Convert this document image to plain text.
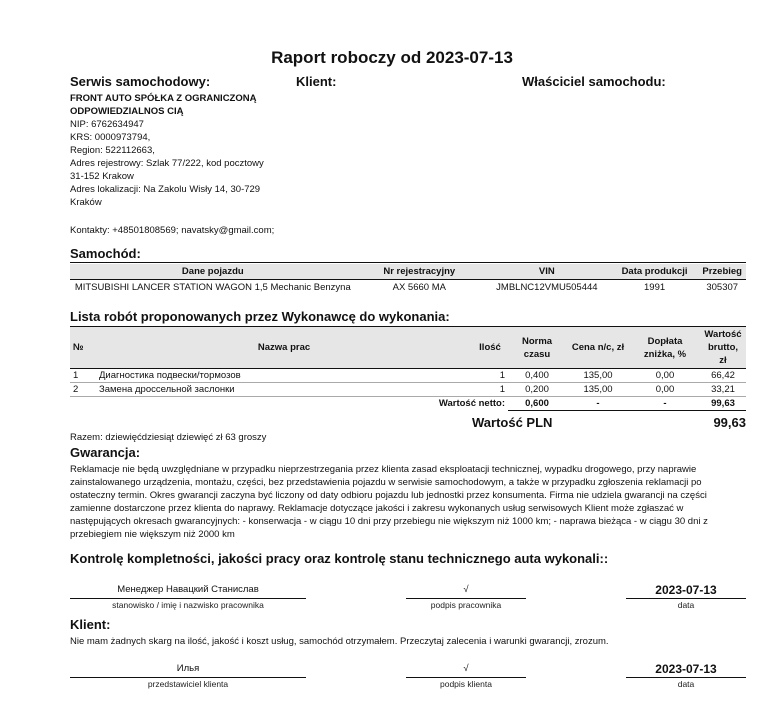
Raport roboczy od 2023-07-13
Serwis samochodowy:	Klient:	Właściciel samochodu:
FRONT AUTO SPÓŁKA Z OGRANICZONĄ
ODPOWIEDZIALNOS CIĄ
NIP: 6762634947
KRS: 0000973794,
Region: 522112663,
Adres rejestrowy: Szlak 77/222, kod pocztowy
31-152 Krakow
Adres lokalizacji: Na Zakolu Wisły 14, 30-729
Kraków
Kontakty: +48501808569; navatsky@gmail.com;
Samochód:
Dane pojazdu	Nr rejestracyjny	VIN	Data produkcji	Przebieg
MITSUBISHI LANCER STATION WAGON 1,5 Mechanic Benzyna	AX 5660 MA	JMBLNC12VMU505444	1991	305307
Lista robót proponowanych przez Wykonawcę do wykonania:
№	Nazwa prac	Ilość	Norma czasu	Cena n/c, zł	Dopłata zniżka, %	Wartość brutto, zł
1	Диагностика подвески/тормозов	1	0,400	135,00	0,00	66,42
2	Замена дроссельной заслонки	1	0,200	135,00	0,00	33,21
Wartość netto:			0,600	-	-	99,63
Wartość PLN	99,63
Razem: dziewięćdziesiąt dziewięć zł 63 groszy
Gwarancja:
Reklamacje nie będą uwzględniane w przypadku nieprzestrzegania przez klienta zasad eksploatacji technicznej, wypadku drogowego, przy naprawie zainstalowanego urządzenia, montażu, części, bez przedstawienia pojazdu w serwisie samochodowym, a także w przypadku zgłoszenia reklamacji po ostateczny termin. Okres gwarancji zaczyna być liczony od daty odbioru pojazdu lub jednostki przez konsumenta. Firma nie udziela gwarancji na części zamienne dostarczone przez klienta do naprawy. Reklamacje dotyczące jakości i zakresu wykonanych usług serwisowych Klient może zgłaszać w następujących okresach gwarancyjnych: - konserwacja - w ciągu 10 dni przy przebiegu nie większym niż 1000 km; - naprawa bieżąca - w ciągu 30 dni z przebiegiem nie większym niż 2000 km
Kontrolę kompletności, jakości pracy oraz kontrolę stanu technicznego auta wykonali::
Менеджер Навацкий Станислав
stanowisko / imię i nazwisko pracownika
√
podpis pracownika
2023-07-13
data
Klient:
Nie mam żadnych skarg na ilość, jakość i koszt usług, samochód otrzymałem. Przeczytaj zalecenia i warunki gwarancji, zrozum.
Илья
przedstawiciel klienta
√
podpis klienta
2023-07-13
data
